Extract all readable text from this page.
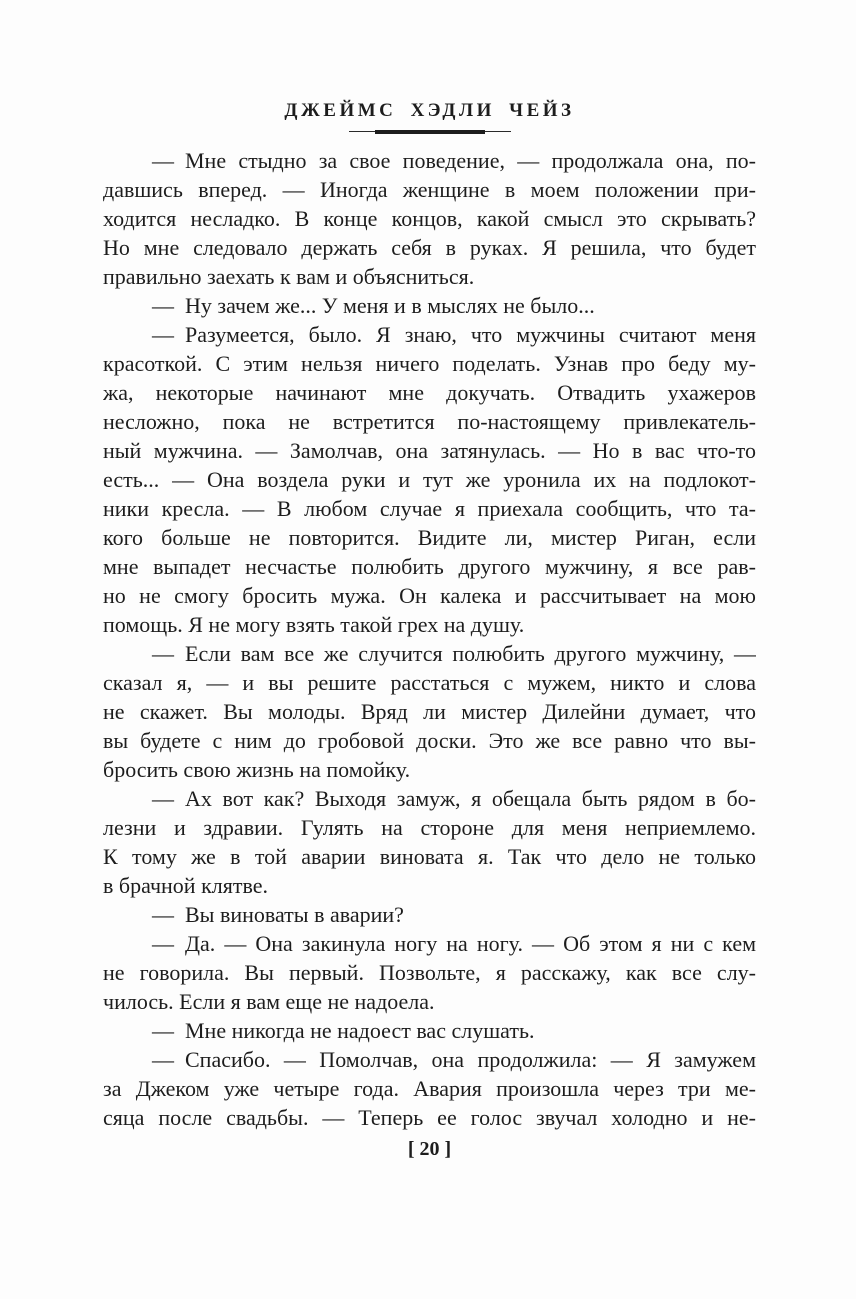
ДЖЕЙМС ХЭДЛИ ЧЕЙЗ
— Мне стыдно за свое поведение, — продолжала она, по-
давшись вперед. — Иногда женщине в моем положении при-
ходится несладко. В конце концов, какой смысл это скрывать?
Но мне следовало держать себя в руках. Я решила, что будет
правильно заехать к вам и объясниться.
— Ну зачем же... У меня и в мыслях не было...
— Разумеется, было. Я знаю, что мужчины считают меня
красоткой. С этим нельзя ничего поделать. Узнав про беду му-
жа, некоторые начинают мне докучать. Отвадить ухажеров
несложно, пока не встретится по-настоящему привлекатель-
ный мужчина. — Замолчав, она затянулась. — Но в вас что-то
есть... — Она воздела руки и тут же уронила их на подлокот-
ники кресла. — В любом случае я приехала сообщить, что та-
кого больше не повторится. Видите ли, мистер Риган, если
мне выпадет несчастье полюбить другого мужчину, я все рав-
но не смогу бросить мужа. Он калека и рассчитывает на мою
помощь. Я не могу взять такой грех на душу.
— Если вам все же случится полюбить другого мужчину, —
сказал я, — и вы решите расстаться с мужем, никто и слова
не скажет. Вы молоды. Вряд ли мистер Дилейни думает, что
вы будете с ним до гробовой доски. Это же все равно что вы-
бросить свою жизнь на помойку.
— Ах вот как? Выходя замуж, я обещала быть рядом в бо-
лезни и здравии. Гулять на стороне для меня неприемлемо.
К тому же в той аварии виновата я. Так что дело не только
в брачной клятве.
— Вы виноваты в аварии?
— Да. — Она закинула ногу на ногу. — Об этом я ни с кем
не говорила. Вы первый. Позвольте, я расскажу, как все слу-
чилось. Если я вам еще не надоела.
— Мне никогда не надоест вас слушать.
— Спасибо. — Помолчав, она продолжила: — Я замужем
за Джеком уже четыре года. Авария произошла через три ме-
сяца после свадьбы. — Теперь ее голос звучал холодно и не-
[ 20 ]
